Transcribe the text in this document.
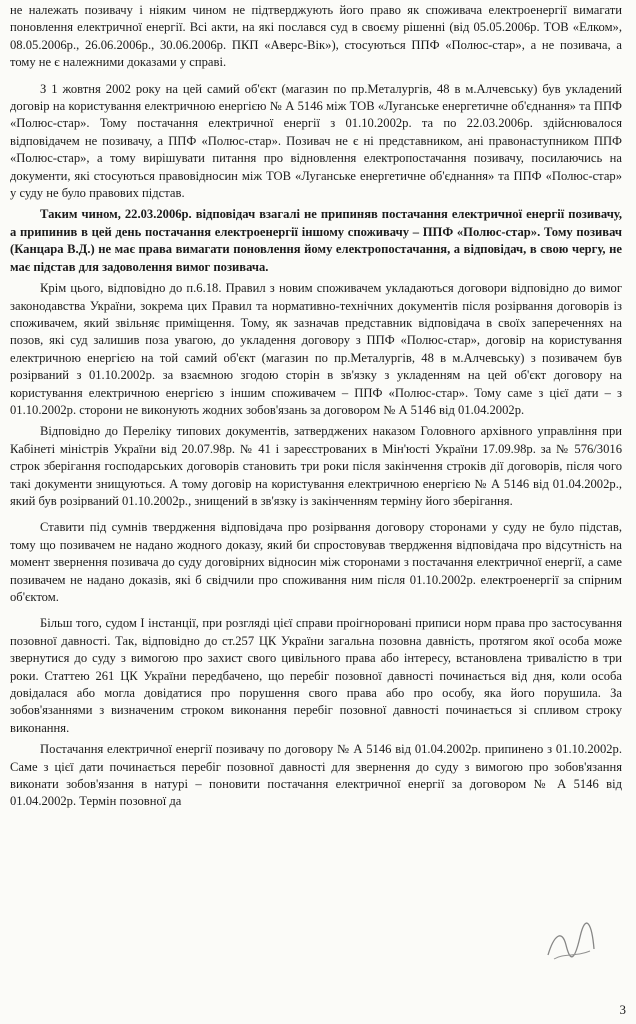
не належать позивачу і ніяким чином не підтверджують його право як споживача електроенергії вимагати поновлення електричної енергії. Всі акти, на які послався суд в своєму рішенні (від 05.05.2006р. ТОВ «Елком», 08.05.2006р., 26.06.2006р., 30.06.2006р. ПКП «Аверс-Вік»), стосуються ППФ «Полюс-стар», а не позивача, а тому не є належними доказами у справі.

З 1 жовтня 2002 року на цей самий об'єкт (магазин по пр.Металургів, 48 в м.Алчевську) був укладений договір на користування електричною енергією № А 5146 між ТОВ «Луганське енергетичне об'єднання» та ППФ «Полюс-стар». Тому постачання електричної енергії з 01.10.2002р. та по 22.03.2006р. здійснювалося відповідачем не позивачу, а ППФ «Полюс-стар». Позивач не є ні представником, ані правонаступником ППФ «Полюс-стар», а тому вирішувати питання про відновлення електропостачання позивачу, посилаючись на документи, які стосуються правовідносин між ТОВ «Луганське енергетичне об'єднання» та ППФ «Полюс-стар» у суду не було правових підстав.

Таким чином, 22.03.2006р. відповідач взагалі не припиняв постачання електричної енергії позивачу, а припинив в цей день постачання електроенергії іншому споживачу – ППФ «Полюс-стар». Тому позивач (Канцара В.Д.) не має права вимагати поновлення йому електропостачання, а відповідач, в свою чергу, не має підстав для задоволення вимог позивача.

Крім цього, відповідно до п.6.18. Правил з новим споживачем укладаються договори відповідно до вимог законодавства України, зокрема цих Правил та нормативно-технічних документів після розірвання договорів із споживачем, який звільняє приміщення. Тому, як зазначав представник відповідача в своїх запереченнях на позов, які суд залишив поза увагою, до укладення договору з ППФ «Полюс-стар», договір на користування електричною енергією на той самий об'єкт (магазин по пр.Металургів, 48 в м.Алчевську) з позивачем був розірваний з 01.10.2002р. за взаємною згодою сторін в зв'язку з укладенням на цей об'єкт договору на користування електричною енергією з іншим споживачем – ППФ «Полюс-стар». Тому саме з цієї дати – з 01.10.2002р. сторони не виконують жодних зобов'язань за договором № А 5146 від 01.04.2002р.

Відповідно до Переліку типових документів, затверджених наказом Головного архівного управління при Кабінеті міністрів України від 20.07.98р. № 41 і зареєстрованих в Мін'юсті України 17.09.98р. за № 576/3016 строк зберігання господарських договорів становить три роки після закінчення строків дії договорів, після чого такі документи знищуються. А тому договір на користування електричною енергією № А 5146 від 01.04.2002р., який був розірваний 01.10.2002р., знищений в зв'язку із закінченням терміну його зберігання.

Ставити під сумнів твердження відповідача про розірвання договору сторонами у суду не було підстав, тому що позивачем не надано жодного доказу, який би спростовував твердження відповідача про відсутність на момент звернення позивача до суду договірних відносин між сторонами з постачання електричної енергії, а саме позивачем не надано доказів, які б свідчили про споживання ним після 01.10.2002р. електроенергії за спірним об'єктом.

Більш того, судом І інстанції, при розгляді цієї справи проігноровані приписи норм права про застосування позовної давності. Так, відповідно до ст.257 ЦК України загальна позовна давність, протягом якої особа може звернутися до суду з вимогою про захист свого цивільного права або інтересу, встановлена тривалістю в три роки. Статтею 261 ЦК України передбачено, що перебіг позовної давності починається від дня, коли особа довідалася або могла довідатися про порушення свого права або про особу, яка його порушила. За зобов'язаннями з визначеним строком виконання перебіг позовної давності починається зі спливом строку виконання.

Постачання електричної енергії позивачу по договору № А 5146 від 01.04.2002р. припинено з 01.10.2002р. Саме з цієї дати починається перебіг позовної давності для звернення до суду з вимогою про зобов'язання виконати зобов'язання в натурі – поновити постачання електричної енергії за договором № А 5146 від 01.04.2002р. Термін позовної да

3
